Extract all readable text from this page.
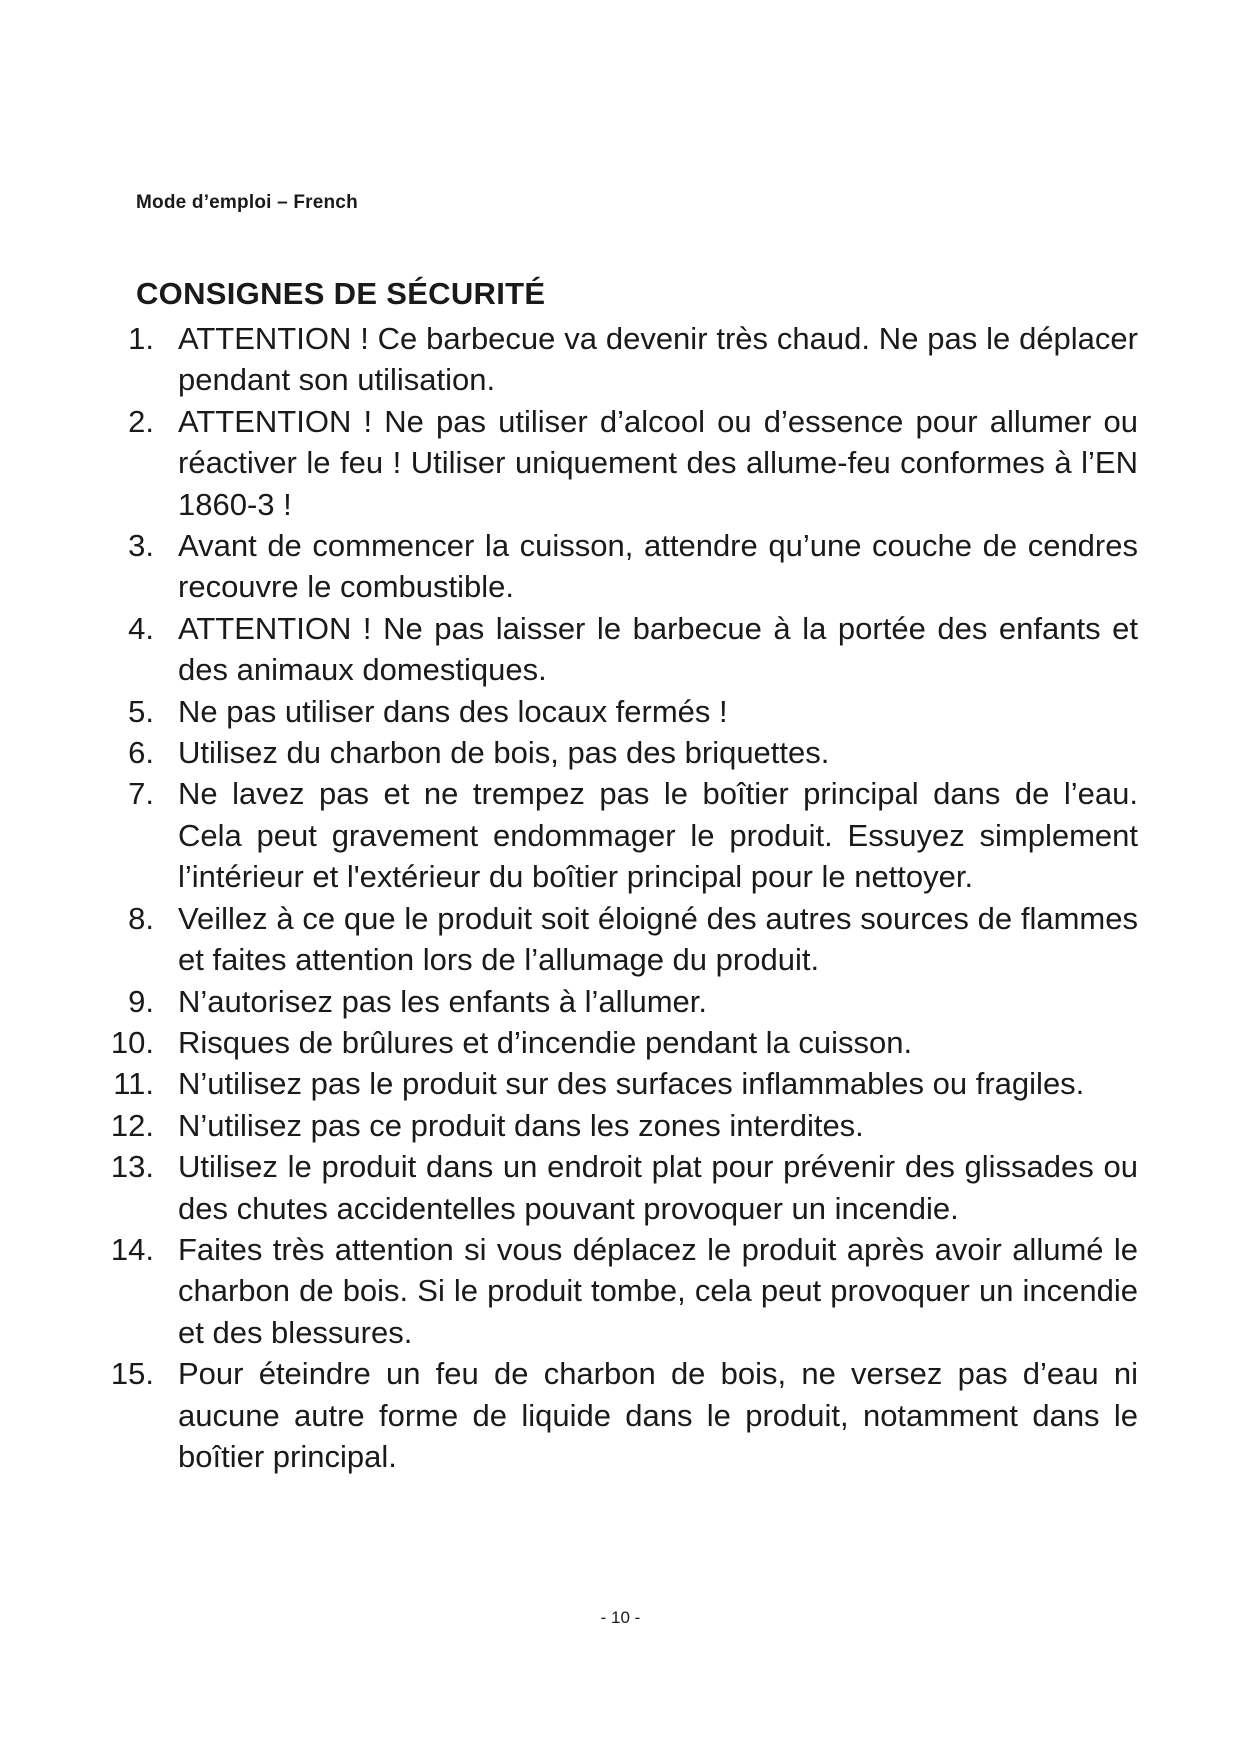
Mode d’emploi – French
CONSIGNES DE SÉCURITÉ
1. ATTENTION ! Ce barbecue va devenir très chaud. Ne pas le déplacer pendant son utilisation.
2. ATTENTION ! Ne pas utiliser d’alcool ou d’essence pour allumer ou réactiver le feu ! Utiliser uniquement des allume-feu conformes à l’EN 1860-3 !
3. Avant de commencer la cuisson, attendre qu’une couche de cendres recouvre le combustible.
4. ATTENTION ! Ne pas laisser le barbecue à la portée des enfants et des animaux domestiques.
5. Ne pas utiliser dans des locaux fermés !
6. Utilisez du charbon de bois, pas des briquettes.
7. Ne lavez pas et ne trempez pas le boîtier principal dans de l’eau. Cela peut gravement endommager le produit. Essuyez simplement l’intérieur et l'extérieur du boîtier principal pour le nettoyer.
8. Veillez à ce que le produit soit éloigné des autres sources de flammes et faites attention lors de l’allumage du produit.
9. N’autorisez pas les enfants à l’allumer.
10. Risques de brûlures et d’incendie pendant la cuisson.
11. N’utilisez pas le produit sur des surfaces inflammables ou fragiles.
12. N’utilisez pas ce produit dans les zones interdites.
13. Utilisez le produit dans un endroit plat pour prévenir des glissades ou des chutes accidentelles pouvant provoquer un incendie.
14. Faites très attention si vous déplacez le produit après avoir allumé le charbon de bois. Si le produit tombe, cela peut provoquer un incendie et des blessures.
15. Pour éteindre un feu de charbon de bois, ne versez pas d’eau ni aucune autre forme de liquide dans le produit, notamment dans le boîtier principal.
- 10 -
